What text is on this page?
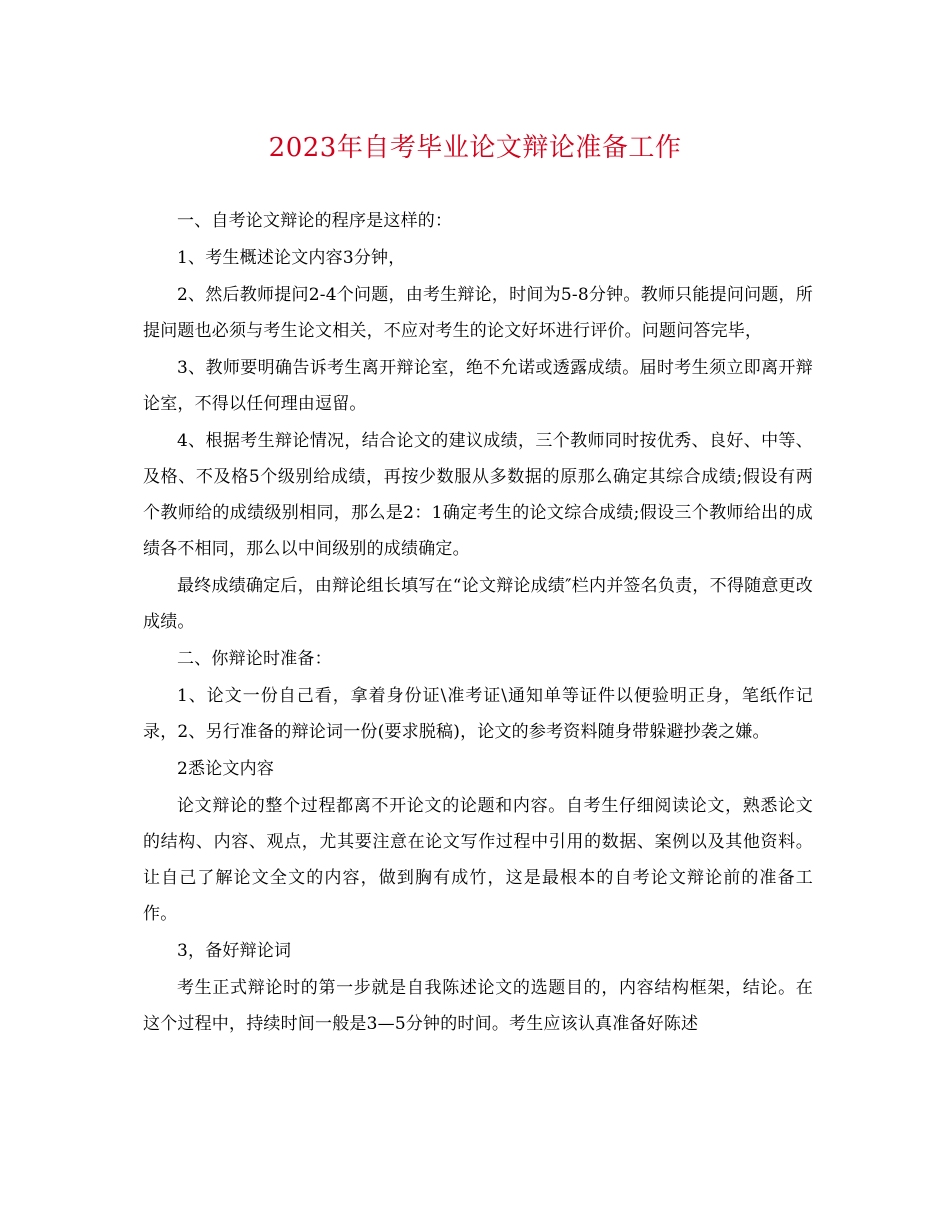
2023年自考毕业论文辩论准备工作

一、自考论文辩论的程序是这样的：

1、考生概述论文内容3分钟，

2、然后教师提问2-4个问题，由考生辩论，时间为5-8分钟。教师只能提问问题，所提问题也必须与考生论文相关，不应对考生的论文好坏进行评价。问题问答完毕，

3、教师要明确告诉考生离开辩论室，绝不允诺或透露成绩。届时考生须立即离开辩论室，不得以任何理由逗留。

4、根据考生辩论情况，结合论文的建议成绩，三个教师同时按优秀、良好、中等、及格、不及格5个级别给成绩，再按少数服从多数据的原那么确定其综合成绩;假设有两个教师给的成绩级别相同，那么是2：1确定考生的论文综合成绩;假设三个教师给出的成绩各不相同，那么以中间级别的成绩确定。

最终成绩确定后，由辩论组长填写在“论文辩论成绩″栏内并签名负责，不得随意更改成绩。

二、你辩论时准备：

1、论文一份自己看，拿着身份证\准考证\通知单等证件以便验明正身，笔纸作记录，2、另行准备的辩论词一份(要求脱稿)，论文的参考资料随身带躲避抄袭之嫌。

2悉论文内容

论文辩论的整个过程都离不开论文的论题和内容。自考生仔细阅读论文，熟悉论文的结构、内容、观点，尤其要注意在论文写作过程中引用的数据、案例以及其他资料。让自己了解论文全文的内容，做到胸有成竹，这是最根本的自考论文辩论前的准备工作。

3，备好辩论词

考生正式辩论时的第一步就是自我陈述论文的选题目的，内容结构框架，结论。在这个过程中，持续时间一般是3—5分钟的时间。考生应该认真准备好陈述
